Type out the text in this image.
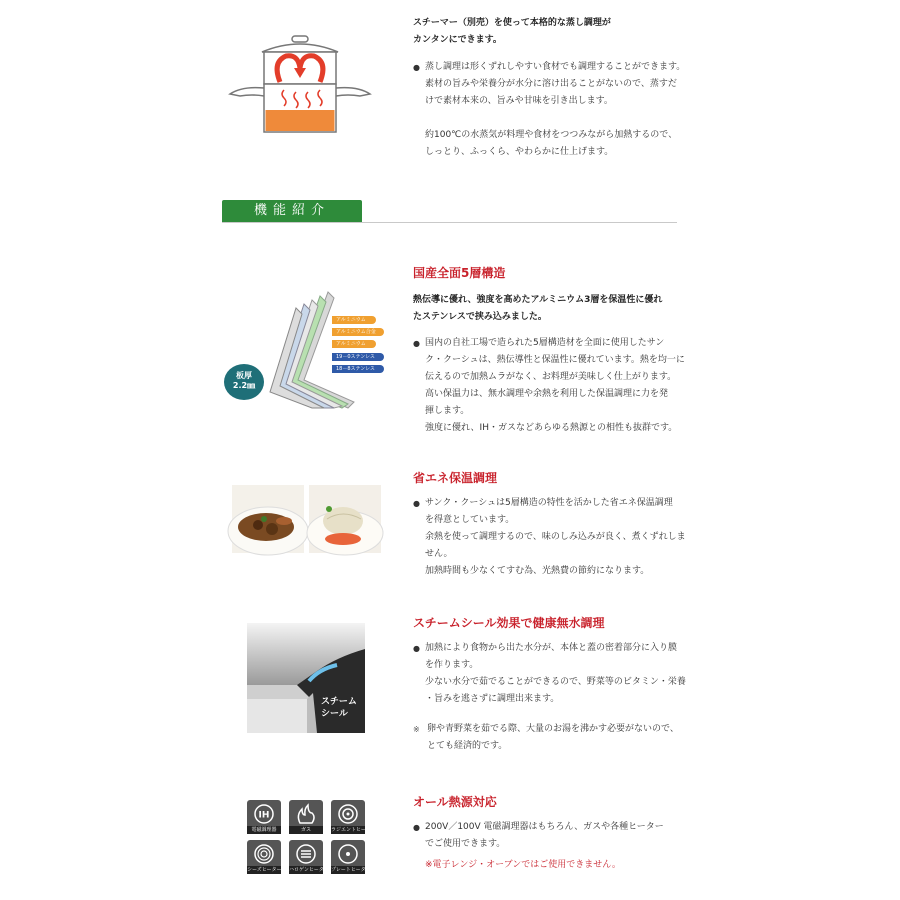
スチーマー（別売）を使って本格的な蒸し調理が
カンタンにできます。
● 蒸し調理は形くずれしやすい食材でも調理することができます。
素材の旨みや栄養分が水分に溶け出ることがないので、蒸すだ
けで素材本来の、旨みや甘味を引き出します。
約100℃の水蒸気が料理や食材をつつみながら加熱するので、
しっとり、ふっくら、やわらかに仕上げます。
機能紹介
アルミニウム
アルミニウム合金
アルミニウム
19－0ステンレス
18－8ステンレス
板厚
2.2㎜
国産全面5層構造
熱伝導に優れ、強度を高めたアルミニウム3層を保温性に優れ
たステンレスで挟み込みました。
● 国内の自社工場で造られた5層構造材を全面に使用したサン
ク・クーシュは、熱伝導性と保温性に優れています。熱を均一に
伝えるので加熱ムラがなく、お料理が美味しく仕上がります。
高い保温力は、無水調理や余熱を利用した保温調理に力を発
揮します。
強度に優れ、IH・ガスなどあらゆる熱源との相性も抜群です。
省エネ保温調理
● サンク・クーシュは5層構造の特性を活かした省エネ保温調理
を得意としています。
余熱を使って調理するので、味のしみ込みが良く、煮くずれしま
せん。
加熱時間も少なくてすむ為、光熱費の節約になります。
スチーム
シール
スチームシール効果で健康無水調理
● 加熱により食物から出た水分が、本体と蓋の密着部分に入り膜
を作ります。
少ない水分で茹でることができるので、野菜等のビタミン・栄養
・旨みを逃さずに調理出来ます。
※ 卵や青野菜を茹でる際、大量のお湯を沸かす必要がないので、
とても経済的です。
IH
電磁調理器	ガス	ラジエントヒーター
シーズヒーター ハロゲンヒーター プレートヒーター
オール熱源対応
● 200V／100V 電磁調理器はもちろん、ガスや各種ヒーター
でご使用できます。
※電子レンジ・オーブンではご使用できません。
